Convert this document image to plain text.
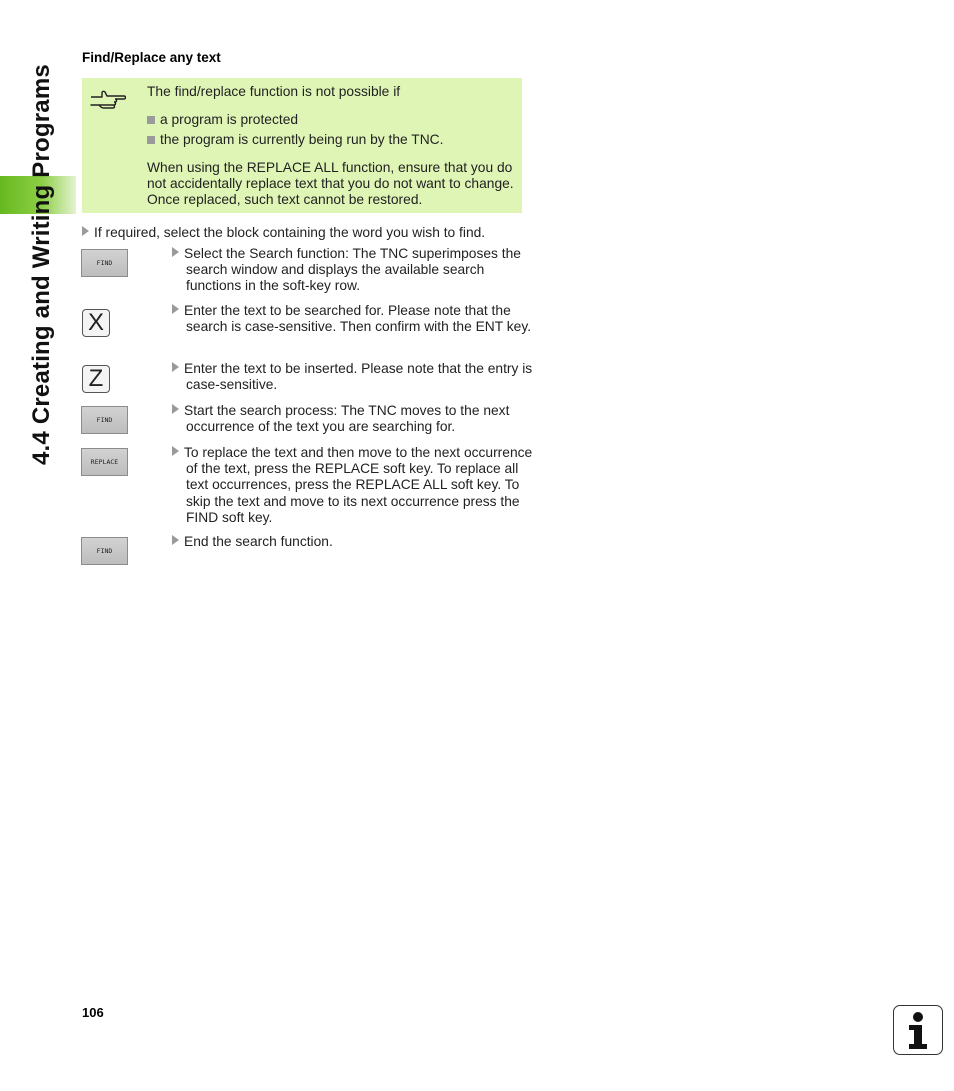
4.4 Creating and Writing Programs
Find/Replace any text

The find/replace function is not possible if

a program is protected
the program is currently being run by the TNC.

When using the REPLACE ALL function, ensure that you do not accidentally replace text that you do not want to change. Once replaced, such text cannot be restored.

If required, select the block containing the word you wish to find.
FIND
Select the Search function: The TNC superimposes the search window and displays the available search functions in the soft-key row.
X	Enter the text to be searched for. Please note that the search is case-sensitive. Then confirm with the ENT key.
Z	Enter the text to be inserted. Please note that the entry is case-sensitive.
FIND
Start the search process: The TNC moves to the next occurrence of the text you are searching for.
REPLACE
To replace the text and then move to the next occurrence of the text, press the REPLACE soft key. To replace all text occurrences, press the REPLACE ALL soft key. To skip the text and move to its next occurrence press the FIND soft key.
FIND
End the search function.
106
